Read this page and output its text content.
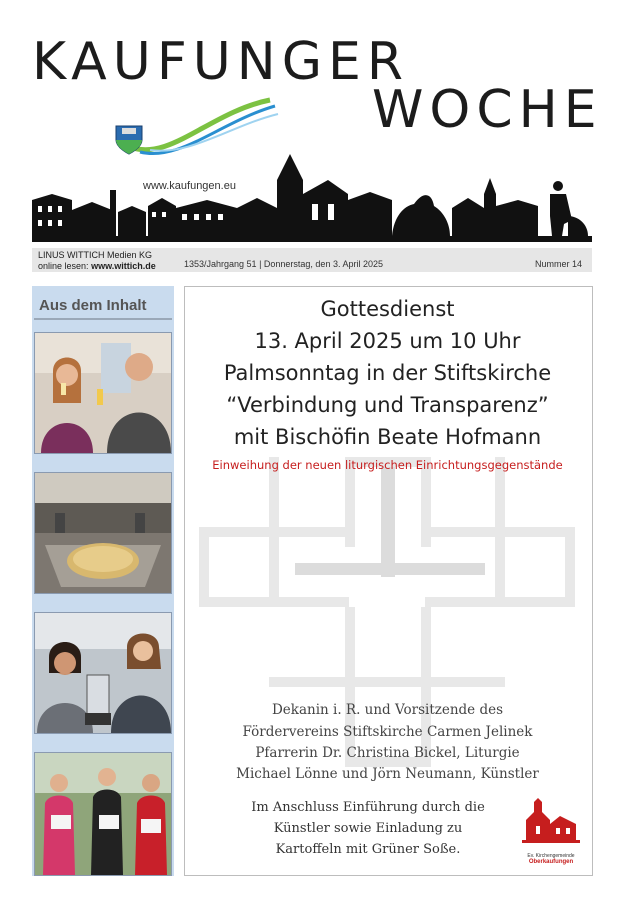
KAUFUNGER
WOCHE
www.kaufungen.eu
LINUS WITTICH Medien KG
online lesen: www.wittich.de	1353/Jahrgang 51 | Donnerstag, den 3. April 2025	Nummer 14
Aus dem Inhalt	Gottesdienst
13. April 2025 um 10 Uhr
Palmsonntag in der Stiftskirche
“Verbindung und Transparenz”
mit Bischöfin Beate Hofmann
Einweihung der neuen liturgischen Einrichtungsgegenstände
Dekanin i. R. und Vorsitzende des
Fördervereins Stiftskirche Carmen Jelinek
Pfarrerin Dr. Christina Bickel, Liturgie
Michael Lönne und Jörn Neumann, Künstler
Im Anschluss Einführung durch die
Künstler sowie Einladung zu
Kartoffeln mit Grüner Soße.	Ev. Kirchengemeinde
Oberkaufungen
